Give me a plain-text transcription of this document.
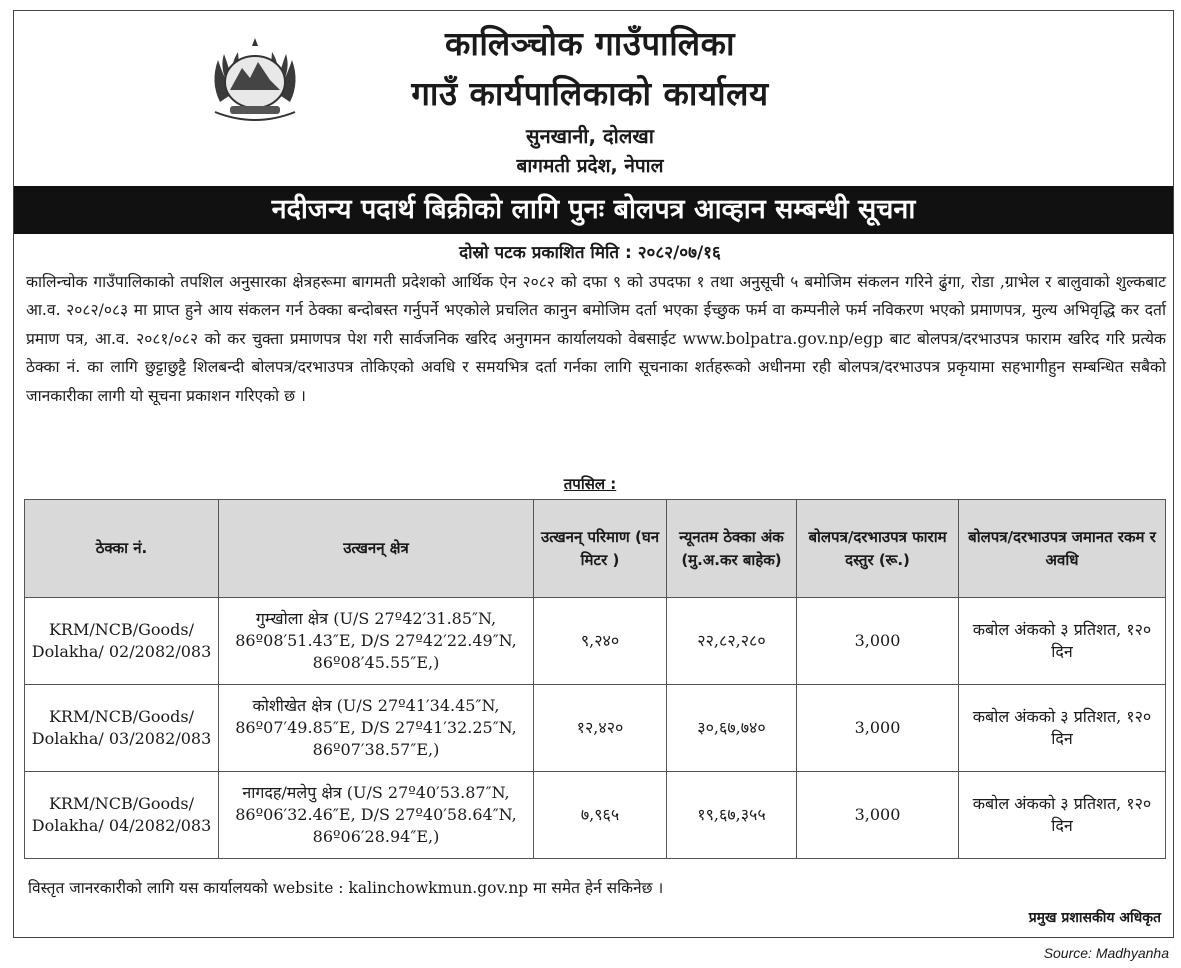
कालिञ्चोक गाउँपालिका
गाउँ कार्यपालिकाको कार्यालय
सुनखानी, दोलखा
बागमती प्रदेश, नेपाल
नदीजन्य पदार्थ बिक्रीको लागि पुनः बोलपत्र आव्हान सम्बन्धी सूचना
दोस्रो पटक प्रकाशित मिति : २०८२/०७/१६
कालिन्चोक गाउँपालिकाको तपशिल अनुसारका क्षेत्रहरूमा बागमती प्रदेशको आर्थिक ऐन २०८२ को दफा ९ को उपदफा १ तथा अनुसूची ५ बमोजिम संकलन गरिने ढुंगा, रोडा ,ग्राभेल र बालुवाको शुल्कबाट आ.व. २०८२/०८३ मा प्राप्त हुने आय संकलन गर्न ठेक्का बन्दोबस्त गर्नुपर्ने भएकोले प्रचलित कानुन बमोजिम दर्ता भएका ईच्छुक फर्म वा कम्पनीले फर्म नविकरण भएको प्रमाणपत्र, मुल्य अभिवृद्धि कर दर्ता प्रमाण पत्र, आ.व. २०८१/०८२ को कर चुक्ता प्रमाणपत्र पेश गरी सार्वजनिक खरिद अनुगमन कार्यालयको वेबसाईट www.bolpatra.gov.np/egp बाट बोलपत्र/दरभाउपत्र फाराम खरिद गरि प्रत्येक ठेक्का नं. का लागि छुट्टाछुट्टै शिलबन्दी बोलपत्र/दरभाउपत्र तोकिएको अवधि र समयभित्र दर्ता गर्नका लागि सूचनाका शर्तहरूको अधीनमा रही बोलपत्र/दरभाउपत्र प्रकृयामा सहभागीहुन सम्बन्धित सबैको जानकारीका लागी यो सूचना प्रकाशन गरिएको छ ।
तपसिल :
ठेक्का नं.	उत्खनन् क्षेत्र	उत्खनन् परिमाण (घन मिटर )	न्यूनतम ठेक्का अंक (मु.अ.कर बाहेक)	बोलपत्र/दरभाउपत्र फाराम दस्तुर (रू.)	बोलपत्र/दरभाउपत्र जमानत रकम र अवधि
KRM/NCB/Goods/ Dolakha/ 02/2082/083	गुम्खोला क्षेत्र (U/S 27º42′31.85″N, 86º08′51.43″E, D/S 27º42′22.49″N, 86º08′45.55″E,)	९,२४०	२२,८२,२८०	3,000	कबोल अंकको ३ प्रतिशत, १२० दिन
KRM/NCB/Goods/ Dolakha/ 03/2082/083	कोशीखेत क्षेत्र (U/S 27º41′34.45″N, 86º07′49.85″E, D/S 27º41′32.25″N, 86º07′38.57″E,)	१२,४२०	३०,६७,७४०	3,000	कबोल अंकको ३ प्रतिशत, १२० दिन
KRM/NCB/Goods/ Dolakha/ 04/2082/083	नागदह/मलेपु क्षेत्र (U/S 27º40′53.87″N, 86º06′32.46″E, D/S 27º40′58.64″N, 86º06′28.94″E,)	७,९६५	१९,६७,३५५	3,000	कबोल अंकको ३ प्रतिशत, १२० दिन
विस्तृत जानरकारीको लागि यस कार्यालयको website : kalinchowkmun.gov.np मा समेत हेर्न सकिनेछ ।
प्रमुख प्रशासकीय अधिकृत
Source: Madhyanha
